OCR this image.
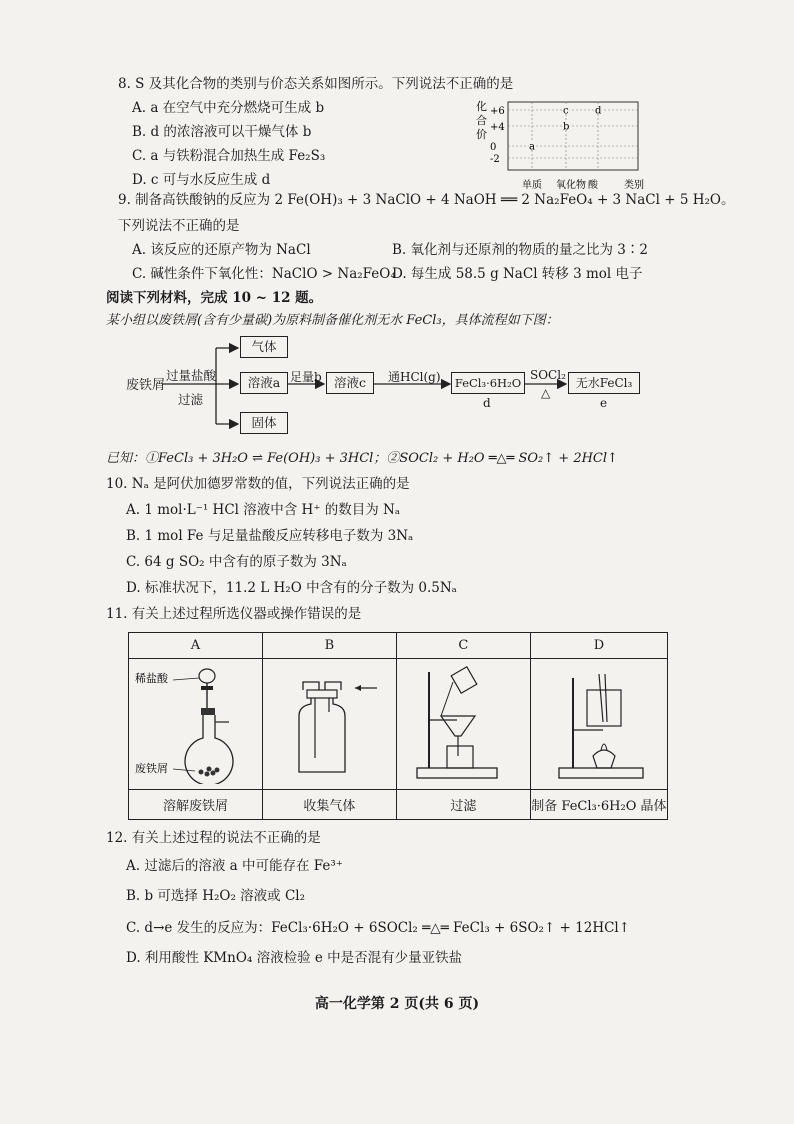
8. S 及其化合物的类别与价态关系如图所示。下列说法不正确的是
A. a 在空气中充分燃烧可生成 b
B. d 的浓溶液可以干燥气体 b
C. a 与铁粉混合加热生成 Fe₂S₃
D. c 可与水反应生成 d
化
合
价
+6
+4
0
-2
a
b
c	d
单质 氧化物 酸	类别
9. 制备高铁酸钠的反应为 2 Fe(OH)₃ + 3 NaClO + 4 NaOH ══ 2 Na₂FeO₄ + 3 NaCl + 5 H₂O。
下列说法不正确的是
A. 该反应的还原产物为 NaCl	B. 氧化剂与还原剂的物质的量之比为 3∶2
C. 碱性条件下氧化性：NaClO > Na₂FeO₄
D. 每生成 58.5 g NaCl 转移 3 mol 电子
阅读下列材料，完成 10 ~ 12 题。
某小组以废铁屑(含有少量碳)为原料制备催化剂无水 FeCl₃，具体流程如下图：
废铁屑
过量盐酸
过滤
气体
溶液a
固体
足量b 溶液c	通HCl(g)	FeCl₃·6H₂O
d
SOCl₂
△
无水FeCl₃
e
已知：①FeCl₃ + 3H₂O ⇌ Fe(OH)₃ + 3HCl；②SOCl₂ + H₂O ═△═ SO₂↑ + 2HCl↑
10. Nₐ 是阿伏加德罗常数的值，下列说法正确的是
A. 1 mol·L⁻¹ HCl 溶液中含 H⁺ 的数目为 Nₐ
B. 1 mol Fe 与足量盐酸反应转移电子数为 3Nₐ
C. 64 g SO₂ 中含有的原子数为 3Nₐ
D. 标准状况下，11.2 L H₂O 中含有的分子数为 0.5Nₐ
11. 有关上述过程所选仪器或操作错误的是
A	B	C	D

稀盐酸
废铁屑

溶解废铁屑	收集气体	过滤	制备 FeCl₃·6H₂O 晶体
12. 有关上述过程的说法不正确的是
A. 过滤后的溶液 a 中可能存在 Fe³⁺
B. b 可选择 H₂O₂ 溶液或 Cl₂
C. d→e 发生的反应为：FeCl₃·6H₂O + 6SOCl₂ ═△═ FeCl₃ + 6SO₂↑ + 12HCl↑
D. 利用酸性 KMnO₄ 溶液检验 e 中是否混有少量亚铁盐
高一化学第 2 页(共 6 页)
